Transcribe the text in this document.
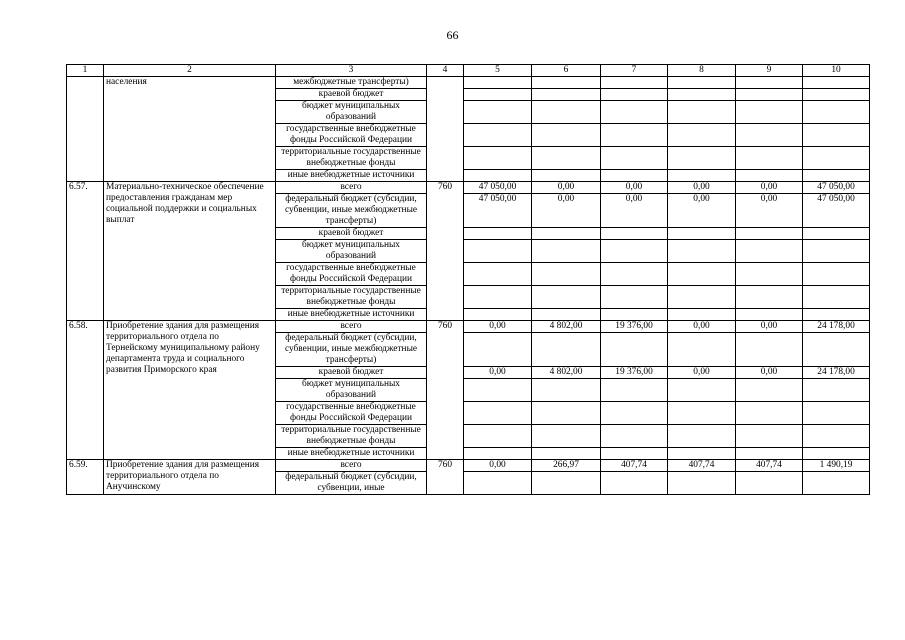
66
1	2	3	4	5	6	7	8	9	10
	населения	межбюджетные трансферты)							
		краевой бюджет							
		бюджет муниципальных образований							
		государственные внебюджетные фонды Российской Федерации							
		территориальные государственные внебюджетные фонды							
		иные внебюджетные источники							
6.57.	Материально-техническое обеспечение предоставления гражданам мер социальной поддержки и социальных выплат	всего	760	47 050,00	0,00	0,00	0,00	0,00	47 050,00
		федеральный бюджет (субсидии, субвенции, иные межбюджетные трансферты)		47 050,00	0,00	0,00	0,00	0,00	47 050,00
		краевой бюджет							
		бюджет муниципальных образований							
		государственные внебюджетные фонды Российской Федерации							
		территориальные государственные внебюджетные фонды							
		иные внебюджетные источники							
6.58.	Приобретение здания для размещения территориального отдела по Тернейскому муниципальному району департамента труда и социального развития Приморского края	всего	760	0,00	4 802,00	19 376,00	0,00	0,00	24 178,00
		федеральный бюджет (субсидии, субвенции, иные межбюджетные трансферты)							
		краевой бюджет		0,00	4 802,00	19 376,00	0,00	0,00	24 178,00
		бюджет муниципальных образований							
		государственные внебюджетные фонды Российской Федерации							
		территориальные государственные внебюджетные фонды							
		иные внебюджетные источники							
6.59.	Приобретение здания для размещения территориального отдела по Анучинскому	всего	760	0,00	266,97	407,74	407,74	407,74	1 490,19
		федеральный бюджет (субсидии, субвенции, иные							
